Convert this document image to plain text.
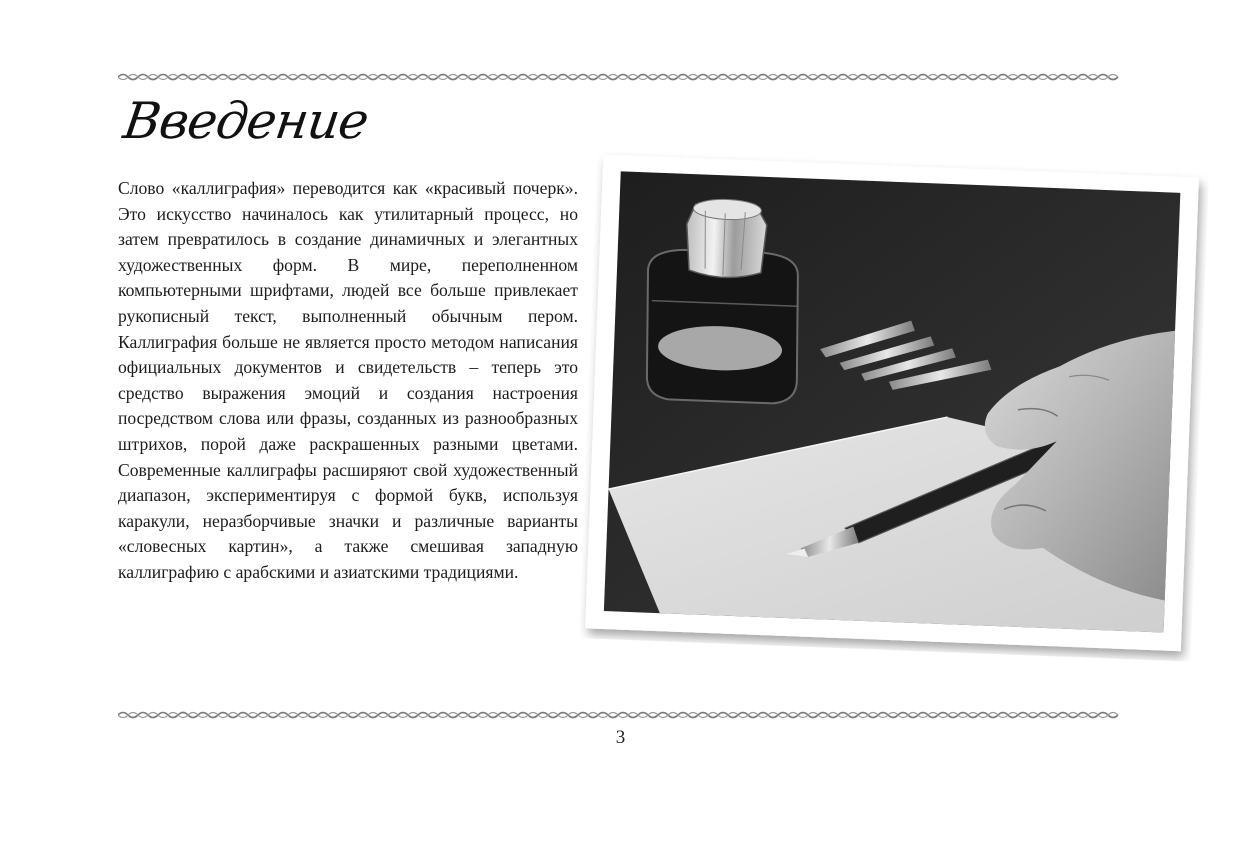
Введение

Слово «каллиграфия» переводится как «красивый почерк». Это искусство начиналось как утилитарный процесс, но затем превратилось в создание динамичных и элегантных художественных форм. В мире, переполненном компьютерными шрифтами, людей все больше привлекает рукописный текст, выполненный обычным пером. Каллиграфия больше не является просто методом написания официальных документов и свидетельств – теперь это средство выражения эмоций и создания настроения посредством слова или фразы, созданных из разнообразных штрихов, порой даже раскрашенных разными цветами. Современные каллиграфы расширяют свой художественный диапазон, экспериментируя с формой букв, используя каракули, неразборчивые значки и различные варианты «словесных картин», а также смешивая западную каллиграфию с арабскими и азиатскими традициями.

3
